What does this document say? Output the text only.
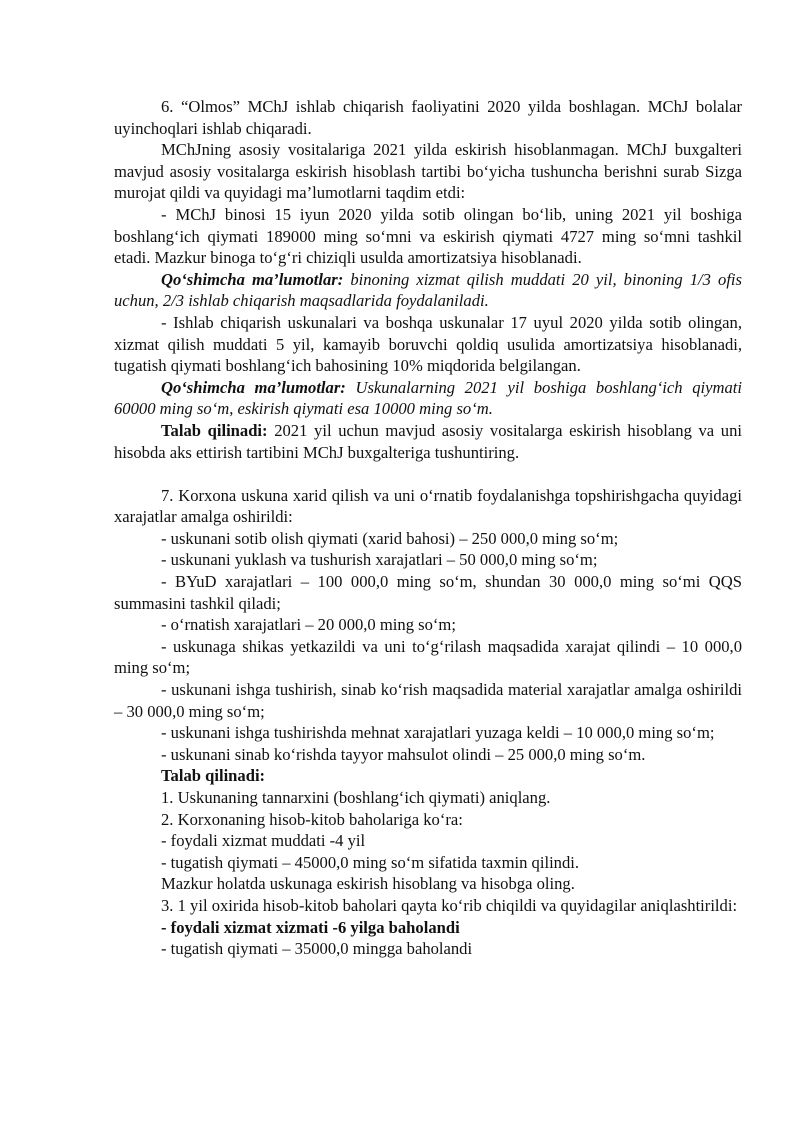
6. “Olmos” MChJ ishlab chiqarish faoliyatini 2020 yilda boshlagan. MChJ bolalar uyinchoqlari ishlab chiqaradi.

MChJning asosiy vositalariga 2021 yilda eskirish hisoblanmagan. MChJ buxgalteri mavjud asosiy vositalarga eskirish hisoblash tartibi bo‘yicha tushuncha berishni surab Sizga murojat qildi va quyidagi ma’lumotlarni taqdim etdi:

- MChJ binosi 15 iyun 2020 yilda sotib olingan bo‘lib, uning 2021 yil boshiga boshlang‘ich qiymati 189000 ming so‘mni va eskirish qiymati 4727 ming so‘mni tashkil etadi. Mazkur binoga to‘g‘ri chiziqli usulda amortizatsiya hisoblanadi.

Qo‘shimcha ma’lumotlar: binoning xizmat qilish muddati 20 yil, binoning 1/3 ofis uchun, 2/3 ishlab chiqarish maqsadlarida foydalaniladi.

- Ishlab chiqarish uskunalari va boshqa uskunalar 17 uyul 2020 yilda sotib olingan, xizmat qilish muddati 5 yil, kamayib boruvchi qoldiq usulida amortizatsiya hisoblanadi, tugatish qiymati boshlang‘ich bahosining 10% miqdorida belgilangan.

Qo‘shimcha ma’lumotlar: Uskunalarning 2021 yil boshiga boshlang‘ich qiymati 60000 ming so‘m, eskirish qiymati esa 10000 ming so‘m.

Talab qilinadi: 2021 yil uchun mavjud asosiy vositalarga eskirish hisoblang va uni hisobda aks ettirish tartibini MChJ buxgalteriga tushuntiring.

7. Korxona uskuna xarid qilish va uni o‘rnatib foydalanishga topshirishgacha quyidagi xarajatlar amalga oshirildi:

- uskunani sotib olish qiymati (xarid bahosi) – 250 000,0 ming so‘m;

- uskunani yuklash va tushurish xarajatlari – 50 000,0 ming so‘m;

- BYuD xarajatlari – 100 000,0 ming so‘m, shundan 30 000,0 ming so‘mi QQS summasini tashkil qiladi;

- o‘rnatish xarajatlari – 20 000,0 ming so‘m;

- uskunaga shikas yetkazildi va uni to‘g‘rilash maqsadida xarajat qilindi – 10 000,0 ming so‘m;

- uskunani ishga tushirish, sinab ko‘rish maqsadida material xarajatlar amalga oshirildi – 30 000,0 ming so‘m;

- uskunani ishga tushirishda mehnat xarajatlari yuzaga keldi – 10 000,0 ming so‘m;

- uskunani sinab ko‘rishda tayyor mahsulot olindi – 25 000,0 ming so‘m.

Talab qilinadi:

1. Uskunaning tannarxini (boshlang‘ich qiymati) aniqlang.

2. Korxonaning hisob-kitob baholariga ko‘ra:

- foydali xizmat muddati -4 yil

- tugatish qiymati – 45000,0 ming so‘m sifatida taxmin qilindi.

Mazkur holatda uskunaga eskirish hisoblang va hisobga oling.

3. 1 yil oxirida hisob-kitob baholari qayta ko‘rib chiqildi va quyidagilar aniqlashtirildi:

- foydali xizmat xizmati -6 yilga baholandi

- tugatish qiymati – 35000,0 mingga baholandi
